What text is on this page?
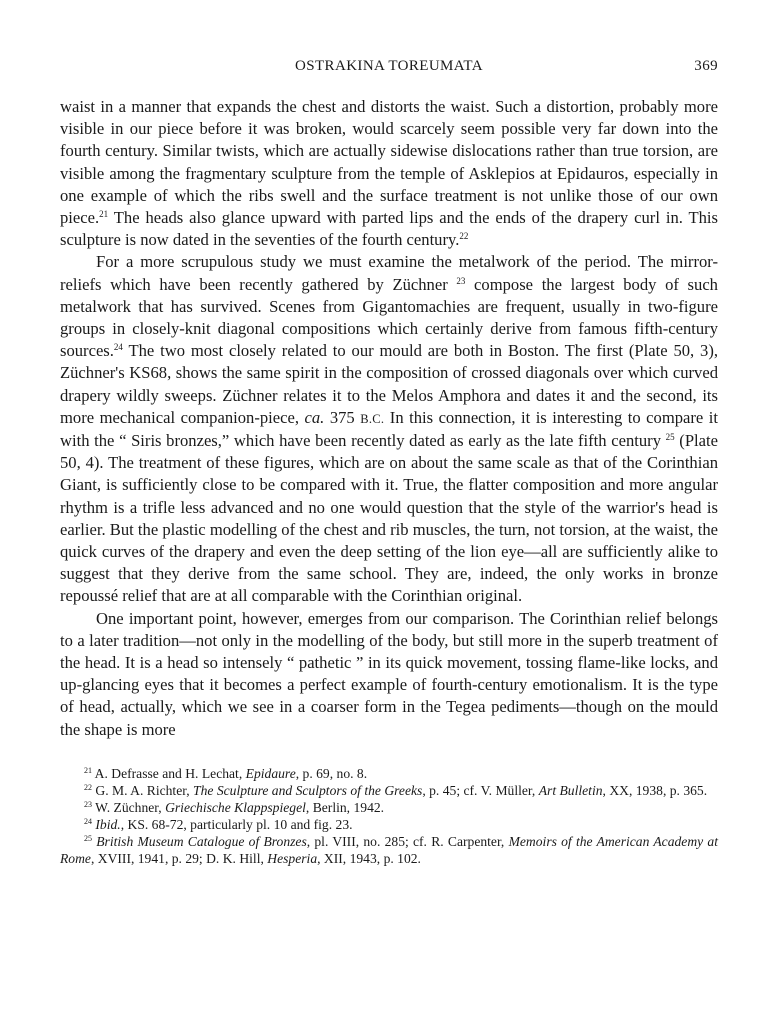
OSTRAKINA TOREUMATA	369

waist in a manner that expands the chest and distorts the waist. Such a distortion, probably more visible in our piece before it was broken, would scarcely seem possible very far down into the fourth century. Similar twists, which are actually sidewise dislocations rather than true torsion, are visible among the fragmentary sculpture from the temple of Asklepios at Epidauros, especially in one example of which the ribs swell and the surface treatment is not unlike those of our own piece.$^{21}$ The heads also glance upward with parted lips and the ends of the drapery curl in. This sculpture is now dated in the seventies of the fourth century.$^{22}$

For a more scrupulous study we must examine the metalwork of the period. The mirror-reliefs which have been recently gathered by Züchner $^{23}$ compose the largest body of such metalwork that has survived. Scenes from Gigantomachies are frequent, usually in two-figure groups in closely-knit diagonal compositions which certainly derive from famous fifth-century sources.$^{24}$ The two most closely related to our mould are both in Boston. The first (Plate 50, 3), Züchner's KS68, shows the same spirit in the composition of crossed diagonals over which curved drapery wildly sweeps. Züchner relates it to the Melos Amphora and dates it and the second, its more mechanical companion-piece, ca. 375 B.C. In this connection, it is interesting to compare it with the “ Siris bronzes,” which have been recently dated as early as the late fifth century $^{25}$ (Plate 50, 4). The treatment of these figures, which are on about the same scale as that of the Corinthian Giant, is sufficiently close to be compared with it. True, the flatter composition and more angular rhythm is a trifle less advanced and no one would question that the style of the warrior's head is earlier. But the plastic modelling of the chest and rib muscles, the turn, not torsion, at the waist, the quick curves of the drapery and even the deep setting of the lion eye—all are sufficiently alike to suggest that they derive from the same school. They are, indeed, the only works in bronze repoussé relief that are at all comparable with the Corinthian original.

One important point, however, emerges from our comparison. The Corinthian relief belongs to a later tradition—not only in the modelling of the body, but still more in the superb treatment of the head. It is a head so intensely “ pathetic ” in its quick movement, tossing flame-like locks, and up-glancing eyes that it becomes a perfect example of fourth-century emotionalism. It is the type of head, actually, which we see in a coarser form in the Tegea pediments—though on the mould the shape is more

$^{21}$ A. Defrasse and H. Lechat, Epidaure, p. 69, no. 8.
$^{22}$ G. M. A. Richter, The Sculpture and Sculptors of the Greeks, p. 45; cf. V. Müller, Art Bulletin, XX, 1938, p. 365.
$^{23}$ W. Züchner, Griechische Klappspiegel, Berlin, 1942.
$^{24}$ Ibid., KS. 68-72, particularly pl. 10 and fig. 23.
$^{25}$ British Museum Catalogue of Bronzes, pl. VIII, no. 285; cf. R. Carpenter, Memoirs of the American Academy at Rome, XVIII, 1941, p. 29; D. K. Hill, Hesperia, XII, 1943, p. 102.
